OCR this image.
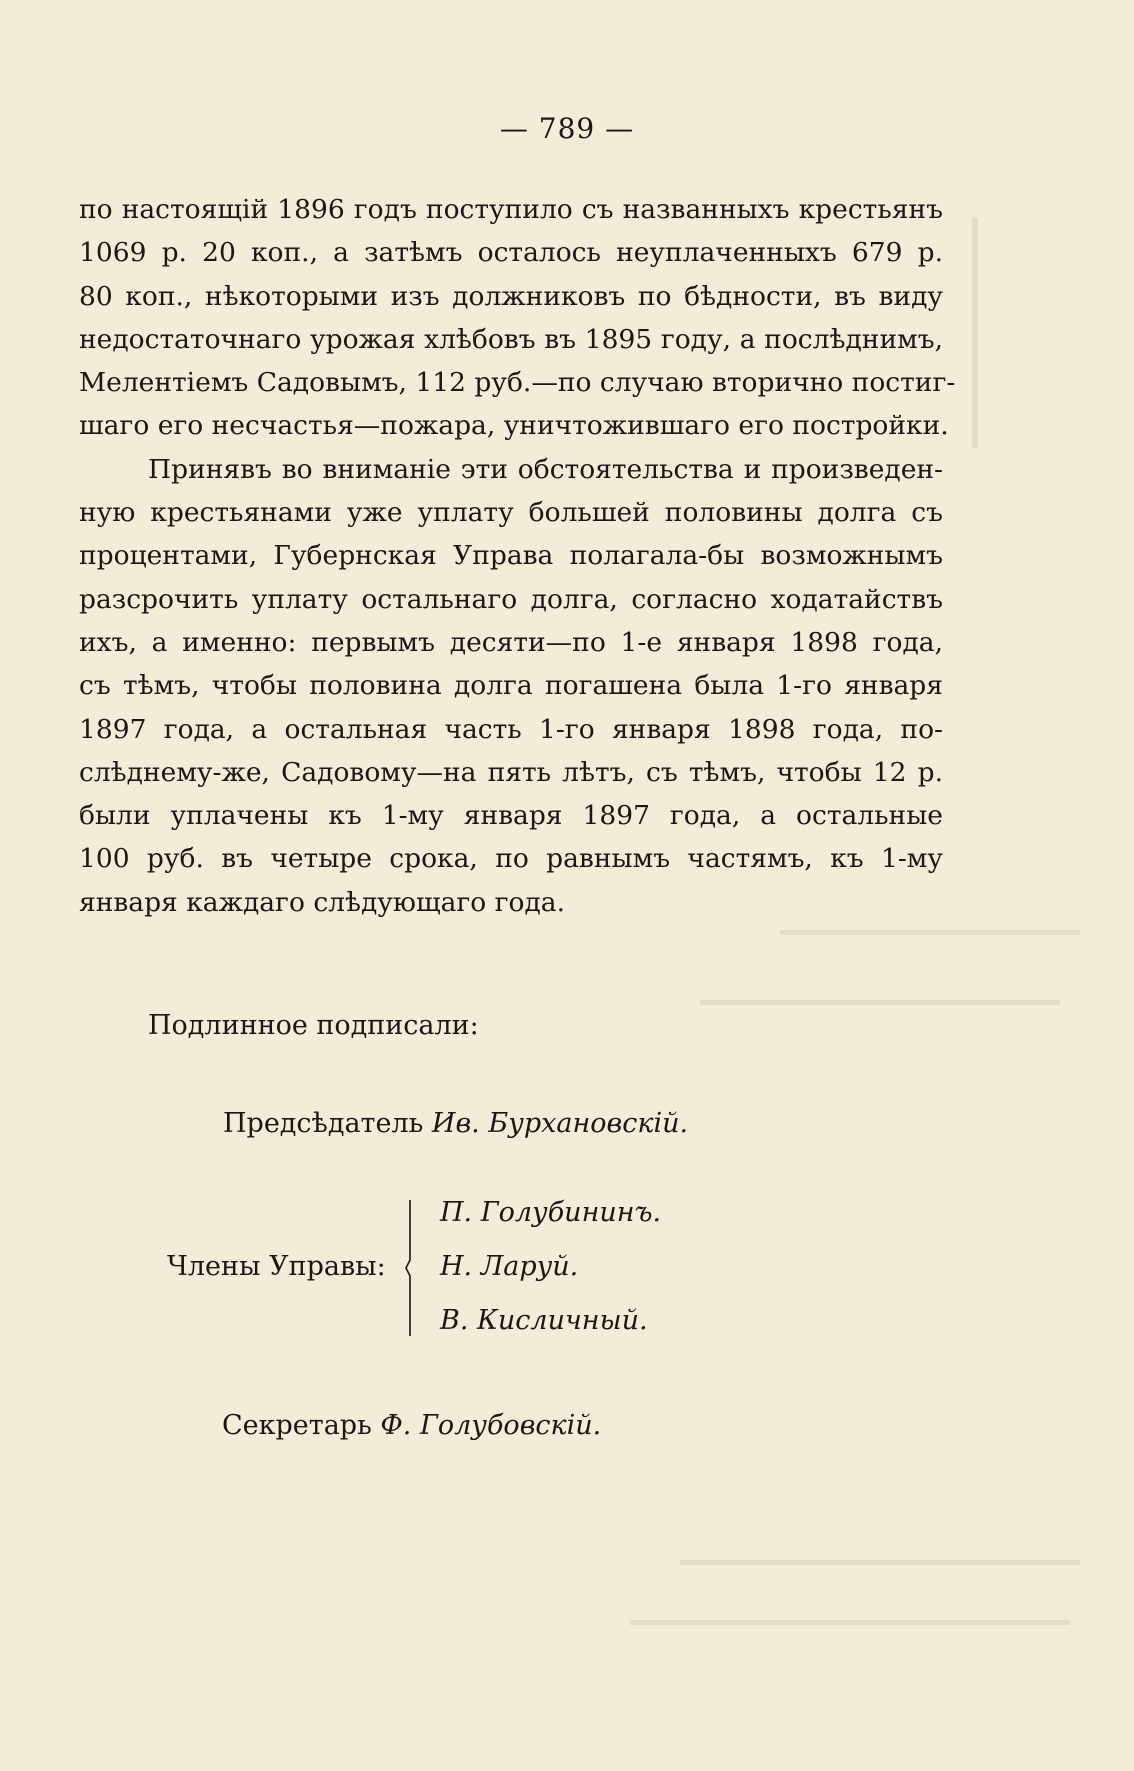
— 789 —
по настоящій 1896 годъ поступило съ названныхъ крестьянъ
1069 р. 20 коп., а затѣмъ осталось неуплаченныхъ 679 р.
80 коп., нѣкоторыми изъ должниковъ по бѣдности, въ виду
недостаточнаго урожая хлѣбовъ въ 1895 году, а послѣднимъ,
Мелентіемъ Садовымъ, 112 руб.—по случаю вторично постиг-
шаго его несчастья—пожара, уничтожившаго его постройки.
Принявъ во вниманіе эти обстоятельства и произведен-
ную крестьянами уже уплату большей половины долга съ
процентами, Губернская Управа полагала-бы возможнымъ
разсрочить уплату остальнаго долга, согласно ходатайствъ
ихъ, а именно: первымъ десяти—по 1-е января 1898 года,
съ тѣмъ, чтобы половина долга погашена была 1-го января
1897 года, а остальная часть 1-го января 1898 года, по-
слѣднему-же, Садовому—на пять лѣтъ, съ тѣмъ, чтобы 12 р.
были уплачены къ 1-му января 1897 года, а остальные
100 руб. въ четыре срока, по равнымъ частямъ, къ 1-му
января каждаго слѣдующаго года.
Подлинное подписали:
Предсѣдатель Ив. Бурхановскій.
Члены Управы:
П. Голубининъ.
Н. Ларуй.
В. Кисличный.
Секретарь Ф. Голубовскій.
